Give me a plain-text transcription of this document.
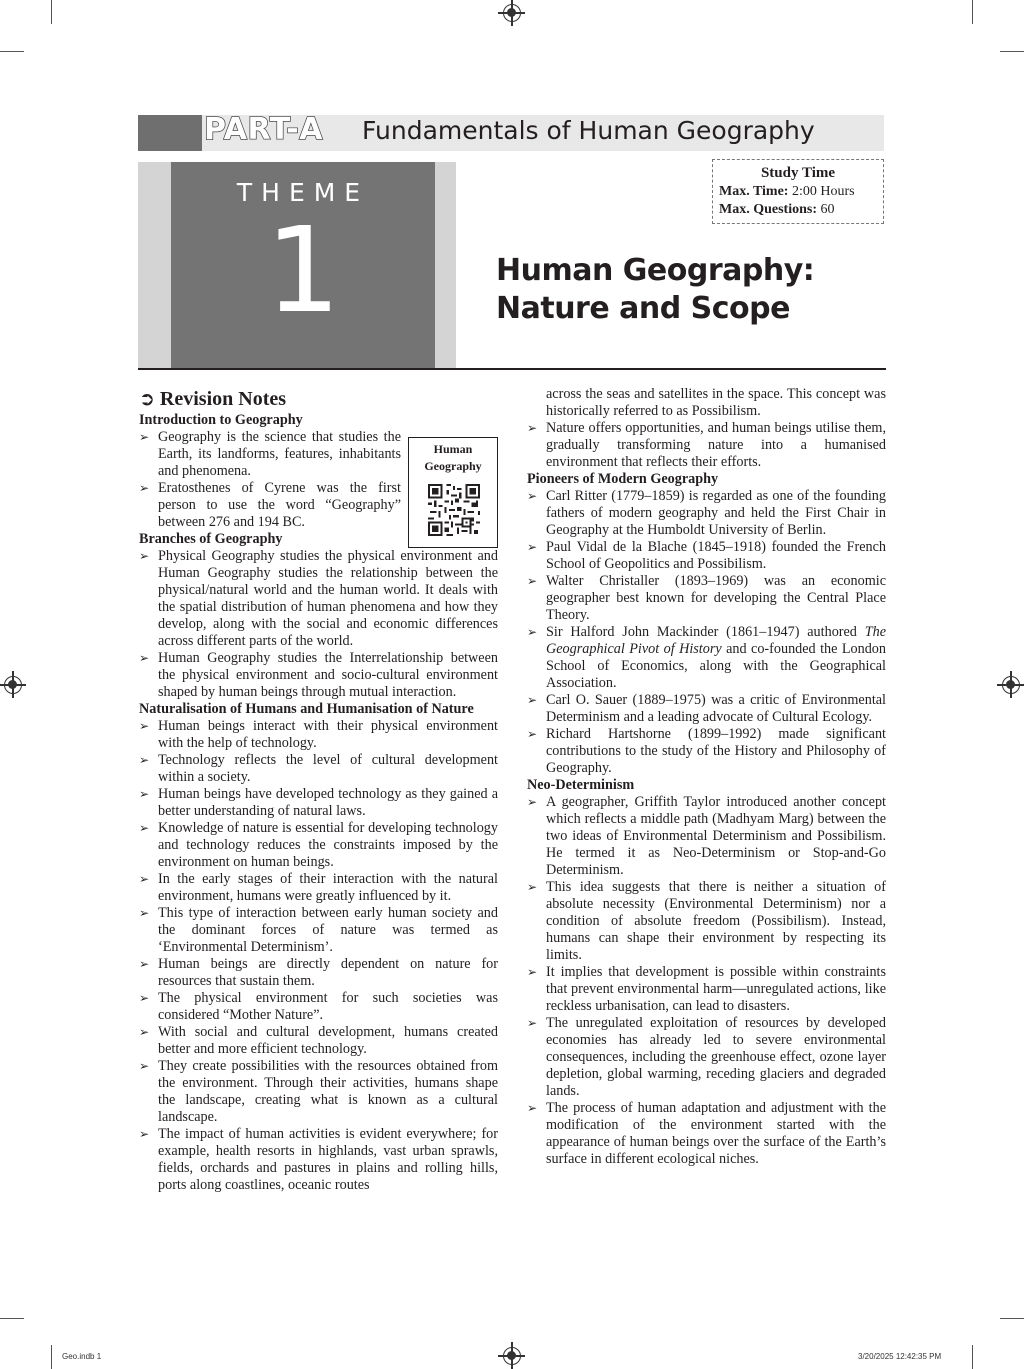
PART-A Fundamentals of Human Geography
THEME
1
Study Time
Max. Time: 2:00 Hours
Max. Questions: 60
Human Geography:
Nature and Scope
Human
Geography
➲ Revision Notes
Introduction to Geography

➢ Geography is the science that studies the Earth, its landforms, features, inhabitants and phenomena.

➢ Eratosthenes of Cyrene was the first person to use the word “Geography” between 276 and 194 BC.

Branches of Geography

➢ Physical Geography studies the physical environment and Human Geography studies the relationship between the physical/natural world and the human world. It deals with the spatial distribution of human phenomena and how they develop, along with the social and economic differences across different parts of the world.

➢ Human Geography studies the Interrelationship between the physical environment and socio-cultural environment shaped by human beings through mutual interaction.

Naturalisation of Humans and Humanisation of Nature

➢ Human beings interact with their physical environment with the help of technology.

➢ Technology reflects the level of cultural development within a society.

➢ Human beings have developed technology as they gained a better understanding of natural laws.

➢ Knowledge of nature is essential for developing technology and technology reduces the constraints imposed by the environment on human beings.

➢ In the early stages of their interaction with the natural environment, humans were greatly influenced by it.

➢ This type of interaction between early human society and the dominant forces of nature was termed as ‘Environmental Determinism’.

➢ Human beings are directly dependent on nature for resources that sustain them.

➢ The physical environment for such societies was considered “Mother Nature”.

➢ With social and cultural development, humans created better and more efficient technology.

➢ They create possibilities with the resources obtained from the environment. Through their activities, humans shape the landscape, creating what is known as a cultural landscape.

➢ The impact of human activities is evident everywhere; for example, health resorts in highlands, vast urban sprawls, fields, orchards and pastures in plains and rolling hills, ports along coastlines, oceanic routes

across the seas and satellites in the space. This concept was historically referred to as Possibilism.

➢ Nature offers opportunities, and human beings utilise them, gradually transforming nature into a humanised environment that reflects their efforts.

Pioneers of Modern Geography

➢ Carl Ritter (1779–1859) is regarded as one of the founding fathers of modern geography and held the First Chair in Geography at the Humboldt University of Berlin.

➢ Paul Vidal de la Blache (1845–1918) founded the French School of Geopolitics and Possibilism.

➢ Walter Christaller (1893–1969) was an economic geographer best known for developing the Central Place Theory.

➢ Sir Halford John Mackinder (1861–1947) authored The Geographical Pivot of History and co-founded the London School of Economics, along with the Geographical Association.

➢ Carl O. Sauer (1889–1975) was a critic of Environmental Determinism and a leading advocate of Cultural Ecology.

➢ Richard Hartshorne (1899–1992) made significant contributions to the study of the History and Philosophy of Geography.

Neo-Determinism

➢ A geographer, Griffith Taylor introduced another concept which reflects a middle path (Madhyam Marg) between the two ideas of Environmental Determinism and Possibilism. He termed it as Neo-Determinism or Stop-and-Go Determinism.

➢ This idea suggests that there is neither a situation of absolute necessity (Environmental Determinism) nor a condition of absolute freedom (Possibilism). Instead, humans can shape their environment by respecting its limits.

➢ It implies that development is possible within constraints that prevent environmental harm—unregulated actions, like reckless urbanisation, can lead to disasters.

➢ The unregulated exploitation of resources by developed economies has already led to severe environmental consequences, including the greenhouse effect, ozone layer depletion, global warming, receding glaciers and degraded lands.

➢ The process of human adaptation and adjustment with the modification of the environment started with the appearance of human beings over the surface of the Earth’s surface in different ecological niches.

Geo.indb 1	3/20/2025 12:42:35 PM
